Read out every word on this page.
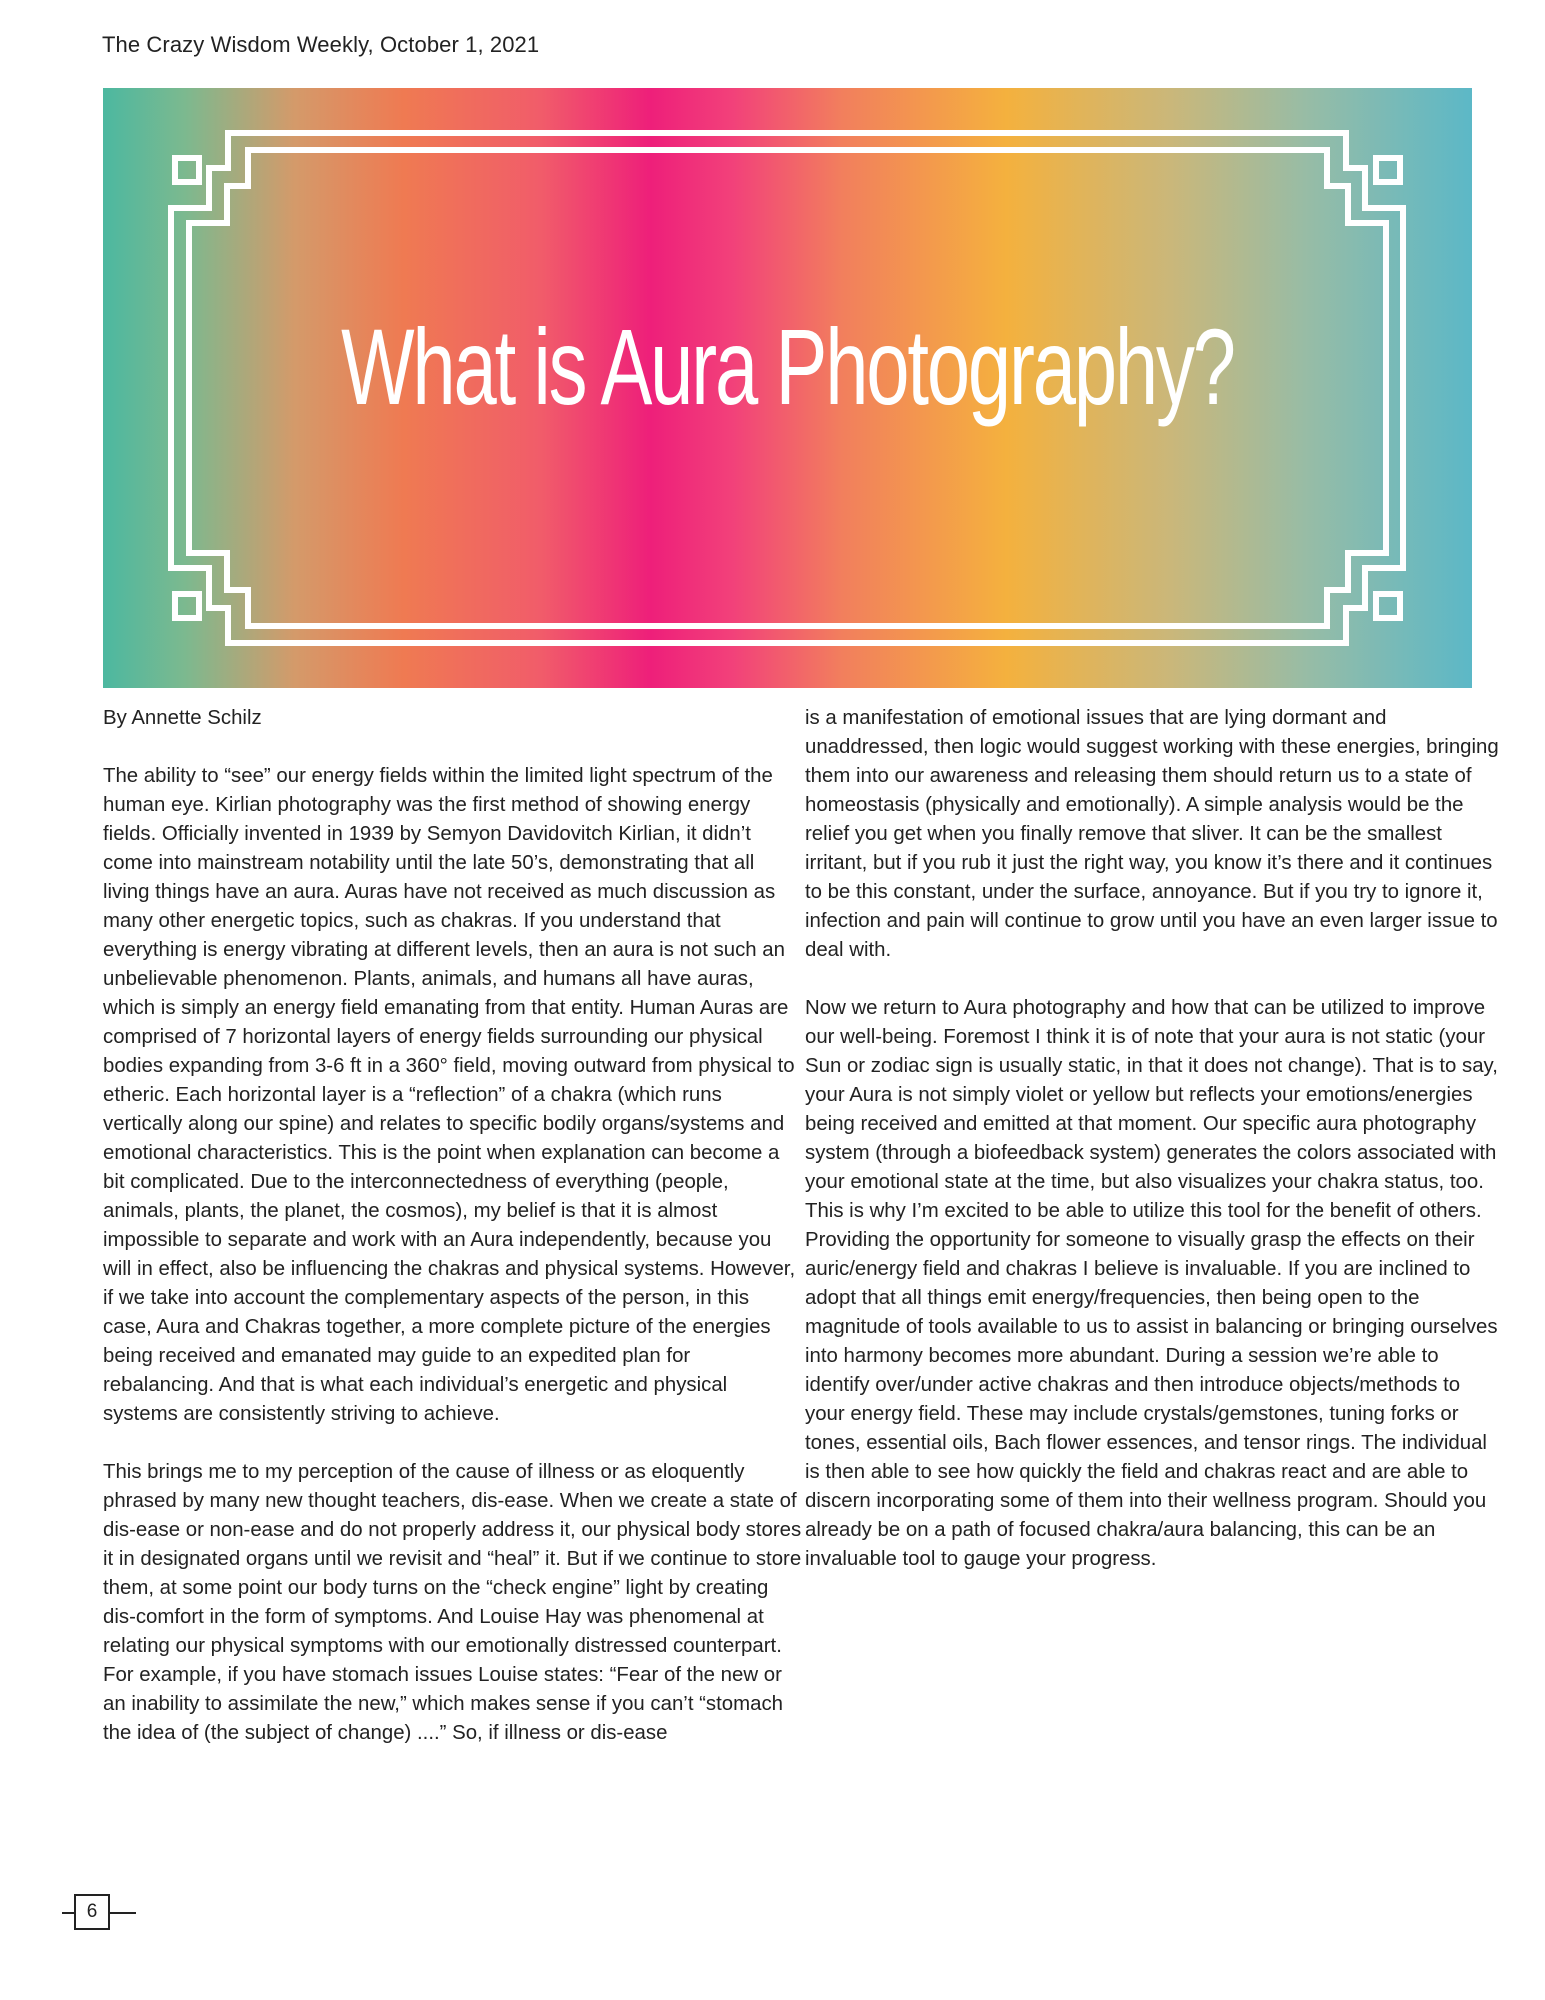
The Crazy Wisdom Weekly, October 1, 2021
What is Aura Photography?

By Annette Schilz

The ability to “see” our energy fields within the limited light spectrum of the human eye. Kirlian photography was the first method of showing energy fields. Officially invented in 1939 by Semyon Davidovitch Kirlian, it didn’t come into mainstream notability until the late 50’s, demonstrating that all living things have an aura. Auras have not received as much discussion as many other energetic topics, such as chakras. If you understand that everything is energy vibrating at different levels, then an aura is not such an unbelievable phenomenon. Plants, animals, and humans all have auras, which is simply an energy field emanating from that entity. Human Auras are comprised of 7 horizontal layers of energy fields surrounding our physical bodies expanding from 3-6 ft in a 360° field, moving outward from physical to etheric. Each horizontal layer is a “reflection” of a chakra (which runs vertically along our spine) and relates to specific bodily organs/systems and emotional characteristics. This is the point when explanation can become a bit complicated. Due to the interconnectedness of everything (people, animals, plants, the planet, the cosmos), my belief is that it is almost impossible to separate and work with an Aura independently, because you will in effect, also be influencing the chakras and physical systems. However, if we take into account the complementary aspects of the person, in this case, Aura and Chakras together, a more complete picture of the energies being received and emanated may guide to an expedited plan for rebalancing. And that is what each individual’s energetic and physical systems are consistently striving to achieve.

This brings me to my perception of the cause of illness or as eloquently phrased by many new thought teachers, dis-ease. When we create a state of dis-ease or non-ease and do not properly address it, our physical body stores it in designated organs until we revisit and “heal” it. But if we continue to store them, at some point our body turns on the “check engine” light by creating dis-comfort in the form of symptoms. And Louise Hay was phenomenal at relating our physical symptoms with our emotionally distressed counterpart. For example, if you have stomach issues Louise states: “Fear of the new or an inability to assimilate the new,” which makes sense if you can’t “stomach the idea of (the subject of change) ....” So, if illness or dis-ease

is a manifestation of emotional issues that are lying dormant and unaddressed, then logic would suggest working with these energies, bringing them into our awareness and releasing them should return us to a state of homeostasis (physically and emotionally). A simple analysis would be the relief you get when you finally remove that sliver. It can be the smallest irritant, but if you rub it just the right way, you know it’s there and it continues to be this constant, under the surface, annoyance. But if you try to ignore it, infection and pain will continue to grow until you have an even larger issue to deal with.

Now we return to Aura photography and how that can be utilized to improve our well-being. Foremost I think it is of note that your aura is not static (your Sun or zodiac sign is usually static, in that it does not change). That is to say, your Aura is not simply violet or yellow but reflects your emotions/energies being received and emitted at that moment. Our specific aura photography system (through a biofeedback system) generates the colors associated with your emotional state at the time, but also visualizes your chakra status, too. This is why I’m excited to be able to utilize this tool for the benefit of others. Providing the opportunity for someone to visually grasp the effects on their auric/energy field and chakras I believe is invaluable. If you are inclined to adopt that all things emit energy/frequencies, then being open to the magnitude of tools available to us to assist in balancing or bringing ourselves into harmony becomes more abundant. During a session we’re able to identify over/under active chakras and then introduce objects/methods to your energy field. These may include crystals/gemstones, tuning forks or tones, essential oils, Bach flower essences, and tensor rings. The individual is then able to see how quickly the field and chakras react and are able to discern incorporating some of them into their wellness program. Should you already be on a path of focused chakra/aura balancing, this can be an invaluable tool to gauge your progress.

6
